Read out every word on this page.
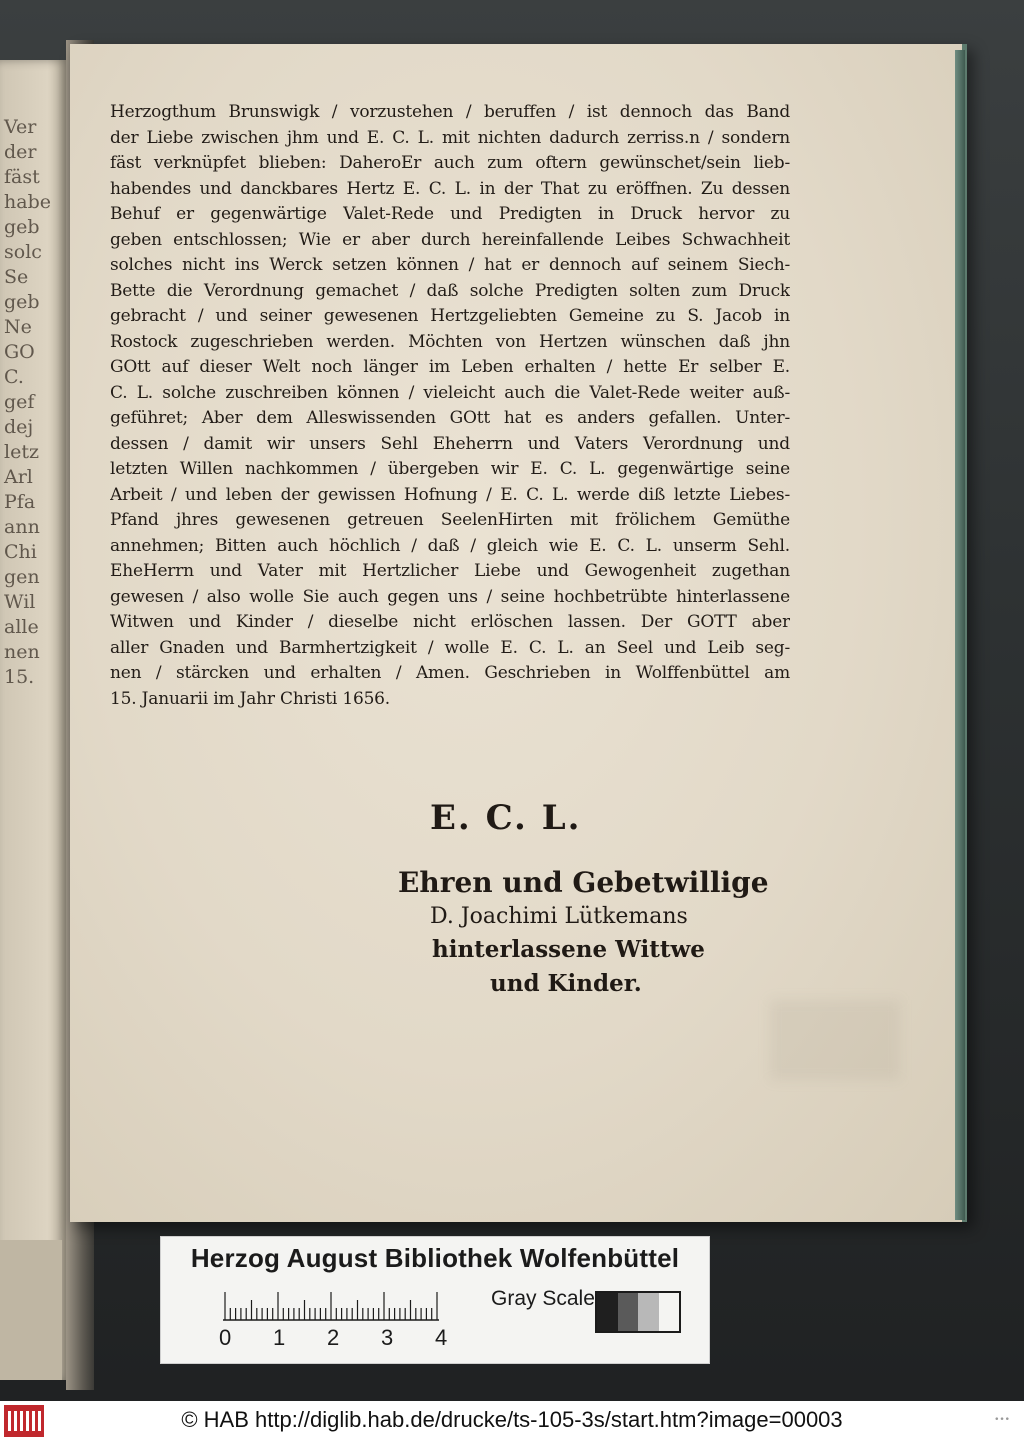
Ver
der
fäst
habe
geb
solc
Se
geb
Ne
GO
C.
gef
dej
letz
Arl
Pfa
ann
Chi
gen
Wil
alle
nen
15.
Herzogthum Brunswigk / vorzustehen / beruffen / ist dennoch das Band
der Liebe zwischen jhm und E. C. L. mit nichten dadurch zerriss.n / sondern
fäst verknüpfet blieben: DaheroEr auch zum oftern gewünschet/sein lieb-
habendes und danckbares Hertz E. C. L. in der That zu eröffnen. Zu dessen
Behuf er gegenwärtige Valet-Rede und Predigten in Druck hervor zu
geben entschlossen; Wie er aber durch hereinfallende Leibes Schwachheit
solches nicht ins Werck setzen können / hat er dennoch auf seinem Siech-
Bette die Verordnung gemachet / daß solche Predigten solten zum Druck
gebracht / und seiner gewesenen Hertzgeliebten Gemeine zu S. Jacob in
Rostock zugeschrieben werden. Möchten von Hertzen wünschen daß jhn
GOtt auf dieser Welt noch länger im Leben erhalten / hette Er selber E.
C. L. solche zuschreiben können / vieleicht auch die Valet-Rede weiter auß-
geführet; Aber dem Alleswissenden GOtt hat es anders gefallen. Unter-
dessen / damit wir unsers Sehl Eheherrn und Vaters Verordnung und
letzten Willen nachkommen / übergeben wir E. C. L. gegenwärtige seine
Arbeit / und leben der gewissen Hofnung / E. C. L. werde diß letzte Liebes-
Pfand jhres gewesenen getreuen SeelenHirten mit frölichem Gemüthe
annehmen; Bitten auch höchlich / daß / gleich wie E. C. L. unserm Sehl.
EheHerrn und Vater mit Hertzlicher Liebe und Gewogenheit zugethan
gewesen / also wolle Sie auch gegen uns / seine hochbetrübte hinterlassene
Witwen und Kinder / dieselbe nicht erlöschen lassen. Der GOTT aber
aller Gnaden und Barmhertzigkeit / wolle E. C. L. an Seel und Leib seg-
nen / stärcken und erhalten / Amen. Geschrieben in Wolffenbüttel am
15. Januarii im Jahr Christi 1656.
E. C. L.
Ehren und Gebetwillige
D. Joachimi Lütkemans
hinterlassene Wittwe
und Kinder.
Herzog August Bibliothek Wolfenbüttel
0 1 2 3 4
Gray Scale
© HAB http://diglib.hab.de/drucke/ts-105-3s/start.htm?image=00003	•••
